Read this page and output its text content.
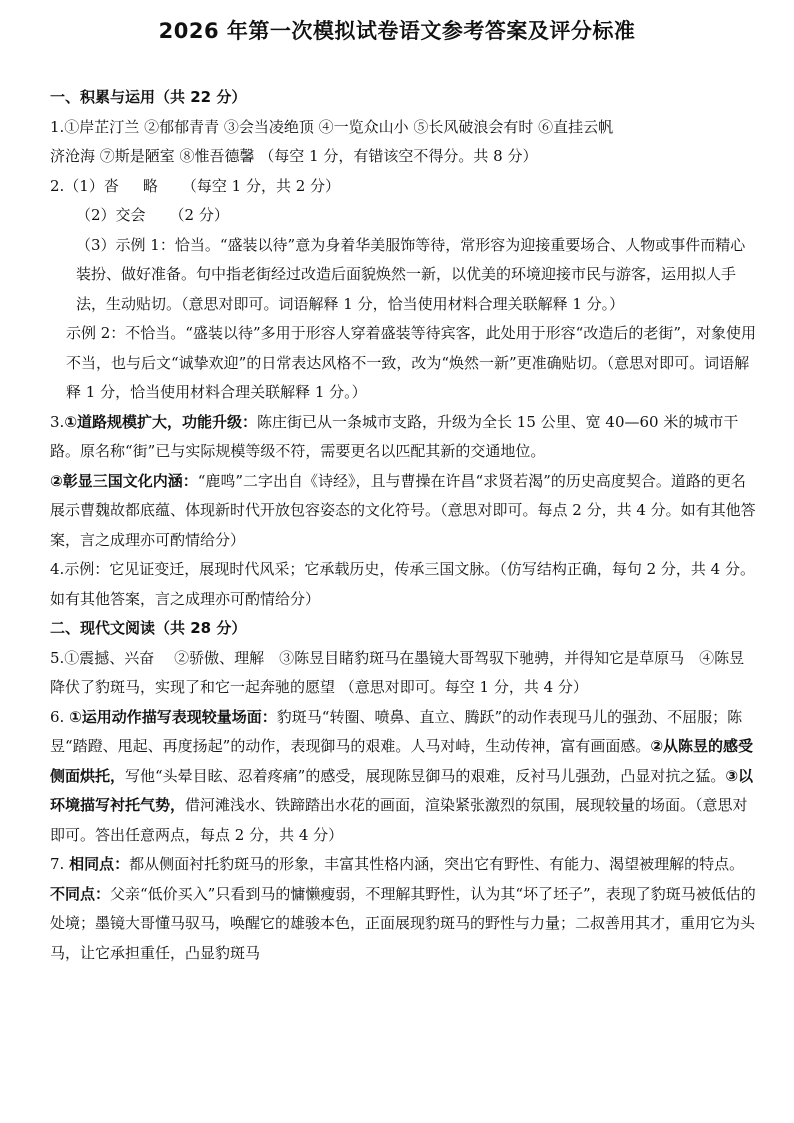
2026 年第一次模拟试卷语文参考答案及评分标准
一、积累与运用（共 22 分）

1.①岸芷汀兰 ②郁郁青青 ③会当凌绝顶 ④一览众山小 ⑤长风破浪会有时 ⑥直挂云帆

济沧海 ⑦斯是陋室 ⑧惟吾德馨 （每空 1 分，有错该空不得分。共 8 分）

2.（1）沓 略 （每空 1 分，共 2 分）

（2）交会 （2 分）

（3）示例 1：恰当。“盛装以待”意为身着华美服饰等待，常形容为迎接重要场合、人物或事件而精心装扮、做好准备。句中指老街经过改造后面貌焕然一新，以优美的环境迎接市民与游客，运用拟人手法，生动贴切。（意思对即可。词语解释 1 分，恰当使用材料合理关联解释 1 分。）

示例 2：不恰当。“盛装以待”多用于形容人穿着盛装等待宾客，此处用于形容“改造后的老街”，对象使用不当，也与后文“诚挚欢迎”的日常表达风格不一致，改为“焕然一新”更准确贴切。（意思对即可。词语解释 1 分，恰当使用材料合理关联解释 1 分。）

3.①道路规模扩大，功能升级：陈庄街已从一条城市支路，升级为全长 15 公里、宽 40—60 米的城市干路。原名称“街”已与实际规模等级不符，需要更名以匹配其新的交通地位。
②彰显三国文化内涵：“鹿鸣”二字出自《诗经》，且与曹操在许昌“求贤若渴”的历史高度契合。道路的更名展示曹魏故都底蕴、体现新时代开放包容姿态的文化符号。（意思对即可。每点 2 分，共 4 分。如有其他答案，言之成理亦可酌情给分）

4.示例：它见证变迁，展现时代风采；它承载历史，传承三国文脉。（仿写结构正确，每句 2 分，共 4 分。如有其他答案，言之成理亦可酌情给分）

二、现代文阅读（共 28 分）

5.①震撼、兴奋　 ②骄傲、理解　③陈昱目睹豹斑马在墨镜大哥驾驭下驰骋，并得知它是草原马　④陈昱降伏了豹斑马，实现了和它一起奔驰的愿望 （意思对即可。每空 1 分，共 4 分）

6. ①运用动作描写表现较量场面：豹斑马“转圈、喷鼻、直立、腾跃”的动作表现马儿的强劲、不屈服；陈昱“踏蹬、甩起、再度扬起”的动作，表现御马的艰难。人马对峙，生动传神，富有画面感。②从陈昱的感受侧面烘托，写他“头晕目眩、忍着疼痛”的感受，展现陈昱御马的艰难，反衬马儿强劲，凸显对抗之猛。③以环境描写衬托气势，借河滩浅水、铁蹄踏出水花的画面，渲染紧张激烈的氛围，展现较量的场面。（意思对即可。答出任意两点，每点 2 分，共 4 分）

7. 相同点：都从侧面衬托豹斑马的形象，丰富其性格内涵，突出它有野性、有能力、渴望被理解的特点。不同点：父亲“低价买入”只看到马的慵懒瘦弱，不理解其野性，认为其“坏了坯子”，表现了豹斑马被低估的处境；墨镜大哥懂马驭马，唤醒它的雄骏本色，正面展现豹斑马的野性与力量；二叔善用其才，重用它为头马，让它承担重任，凸显豹斑马
